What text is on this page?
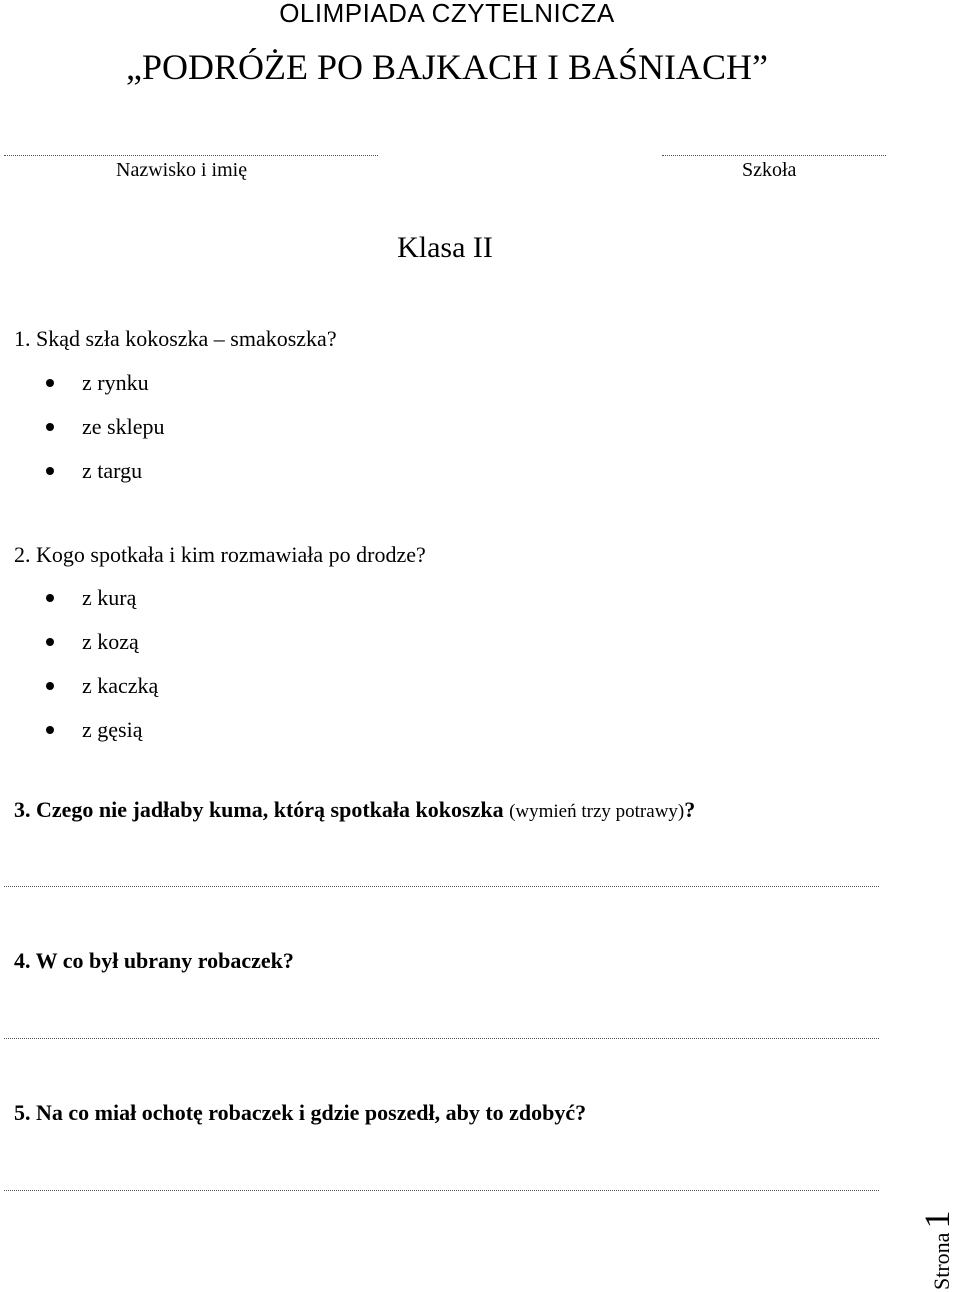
OLIMPIADA CZYTELNICZA
„PODRÓŻE PO BAJKACH I BAŚNIACH”
Nazwisko i imię	Szkoła
Klasa II
1. Skąd szła kokoszka – smakoszka?
z rynku
ze sklepu
z targu
2. Kogo spotkała i kim rozmawiała po drodze?
z kurą
z kozą
z kaczką
z gęsią
3. Czego nie jadłaby kuma, którą spotkała kokoszka (wymień trzy potrawy)?
4. W co był ubrany robaczek?
5. Na co miał ochotę robaczek i gdzie poszedł, aby to zdobyć?
Strona
1
